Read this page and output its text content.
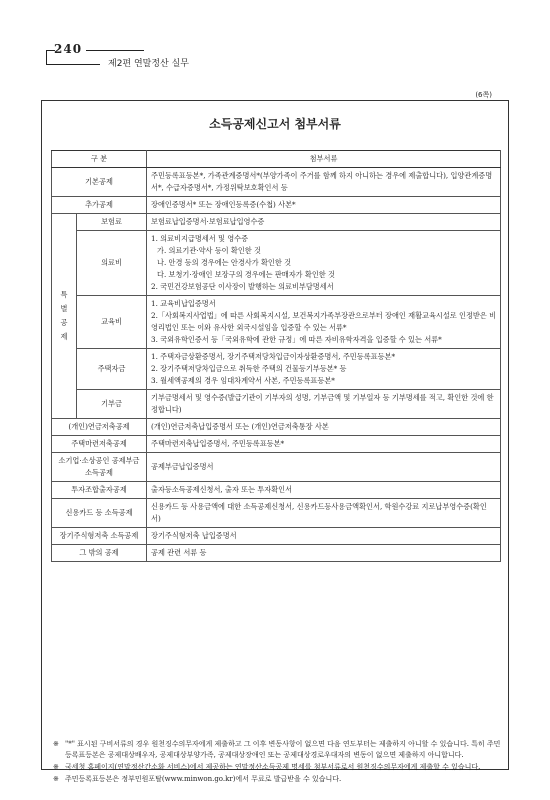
240
제2편 연말정산 실무
(6쪽)
소득공제신고서 첨부서류
구 분		첨부서류
기본공제		주민등록표등본*, 가족관계증명서*(부양가족이 주거를 함께 하지 아니하는 경우에 제출합니다), 입양관계증명서*, 수급자증명서*, 가정위탁보호확인서 등

추가공제		장애인증명서* 또는 장애인등록증(수첩) 사본*

특
별
공
제	보험료	보험료납입증명서·보험료납입영수증

	의료비	1. 의료비지급명세서 및 영수증
가. 의료기관·약사 등이 확인한 것
나. 안경 등의 경우에는 안경사가 확인한 것
다. 보청기·장애인 보장구의 경우에는 판매자가 확인한 것
2. 국민건강보험공단 이사장이 발행하는 의료비부담명세서

	교육비	1. 교육비납입증명서
2.「사회복지사업법」에 따른 사회복지시설, 보건복지가족부장관으로부터 장애인 재활교육시설로 인정받은 비영리법인 또는 이와 유사한 외국시설임을 입증할 수 있는 서류*
3. 국외유학인증서 등「국외유학에 관한 규정」에 따른 자비유학자격을 입증할 수 있는 서류*

	주택자금	1. 주택자금상환증명서, 장기주택저당차입금이자상환증명서, 주민등록표등본*
2. 장기주택저당차입금으로 취득한 주택의 건물등기부등본* 등
3. 월세액공제의 경우 임대차계약서 사본, 주민등록표등본*

	기부금	기부금명세서 및 영수증(발급기관이 기부자의 성명, 기부금액 및 기부일자 등 기부명세를 적고, 확인한 것에 한정합니다)

(개인)연금저축공제		(개인)연금저축납입증명서 또는 (개인)연금저축통장 사본

주택마련저축공제		주택마련저축납입증명서, 주민등록표등본*

소기업·소상공인 공제부금 소득공제		공제부금납입증명서

투자조합출자공제		출자등소득공제신청서, 출자 또는 투자확인서

신용카드 등 소득공제		신용카드 등 사용금액에 대한 소득공제신청서, 신용카드등사용금액확인서, 학원수강료 지로납부영수증(확인서)

장기주식형저축 소득공제		장기주식형저축 납입증명서

그 밖의 공제		공제 관련 서류 등
※ "*" 표시된 구비서류의 경우 원천징수의무자에게 제출하고 그 이후 변동사항이 없으면 다음 연도부터는 제출하지 아니할 수 있습니다. 특히 주민등록표등본은 공제대상배우자, 공제대상부양가족, 공제대상장애인 또는 공제대상경로우대자의 변동이 없으면 제출하지 아니합니다.
※ 국세청 홈페이지(연말정산간소화 서비스)에서 제공하는 연말정산소득공제 명세를 첨부서류로서 원천징수의무자에게 제출할 수 있습니다.
※ 주민등록표등본은 정부민원포탈(www.minwon.go.kr)에서 무료로 발급받을 수 있습니다.
